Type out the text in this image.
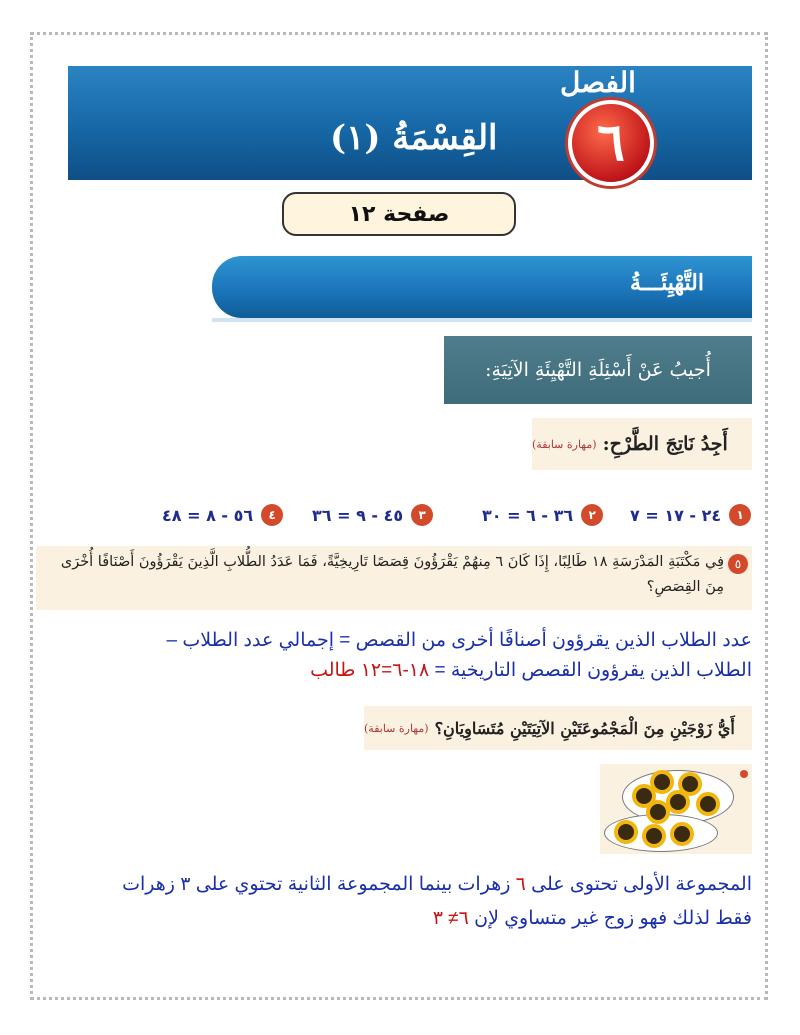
القِسْمَةُ (١)
الفصل
٦
صفحة ١٢
التَّهْيِئَـــةُ
أُجيبُ عَنْ أَسْئِلَةِ التَّهْيِئَةِ الآتِيَةِ:
أَجِدُ نَاتِجَ الطَّرْحِ:
(مهارة سابقة)
١
٢٤ - ١٧ = ٧
٢
٣٦ - ٦ = ٣٠
٣
٤٥ - ٩ = ٣٦
٤
٥٦ - ٨ = ٤٨
٥
فِي مَكْتَبَةِ المَدْرَسَةِ ١٨ طَالِبًا، إِذَا كَانَ ٦ مِنهُمْ يَقْرَؤُونَ قِصَصًا تَارِيخِيَّةً، فَمَا عَدَدُ الطُّلابِ الَّذِينَ يَقْرَؤُونَ أَصْنَافًا أُخْرَى مِنَ القِصَصِ؟
عدد الطلاب الذين يقرؤون أصنافًا أخرى من القصص = إجمالي عدد الطلاب –
الطلاب الذين يقرؤون القصص التاريخية = ١٨-٦=١٢ طالب
أَيُّ زَوْجَيْنِ مِنَ الْمَجْمُوعَتَيْنِ الآتِيَتَيْنِ مُتَسَاوِيَانِ؟
(مهارة سابقة)
المجموعة الأولى تحتوى على ٦ زهرات بينما المجموعة الثانية تحتوي على ٣ زهرات
فقط لذلك فهو زوج غير متساوي لإن ٦≠ ٣
